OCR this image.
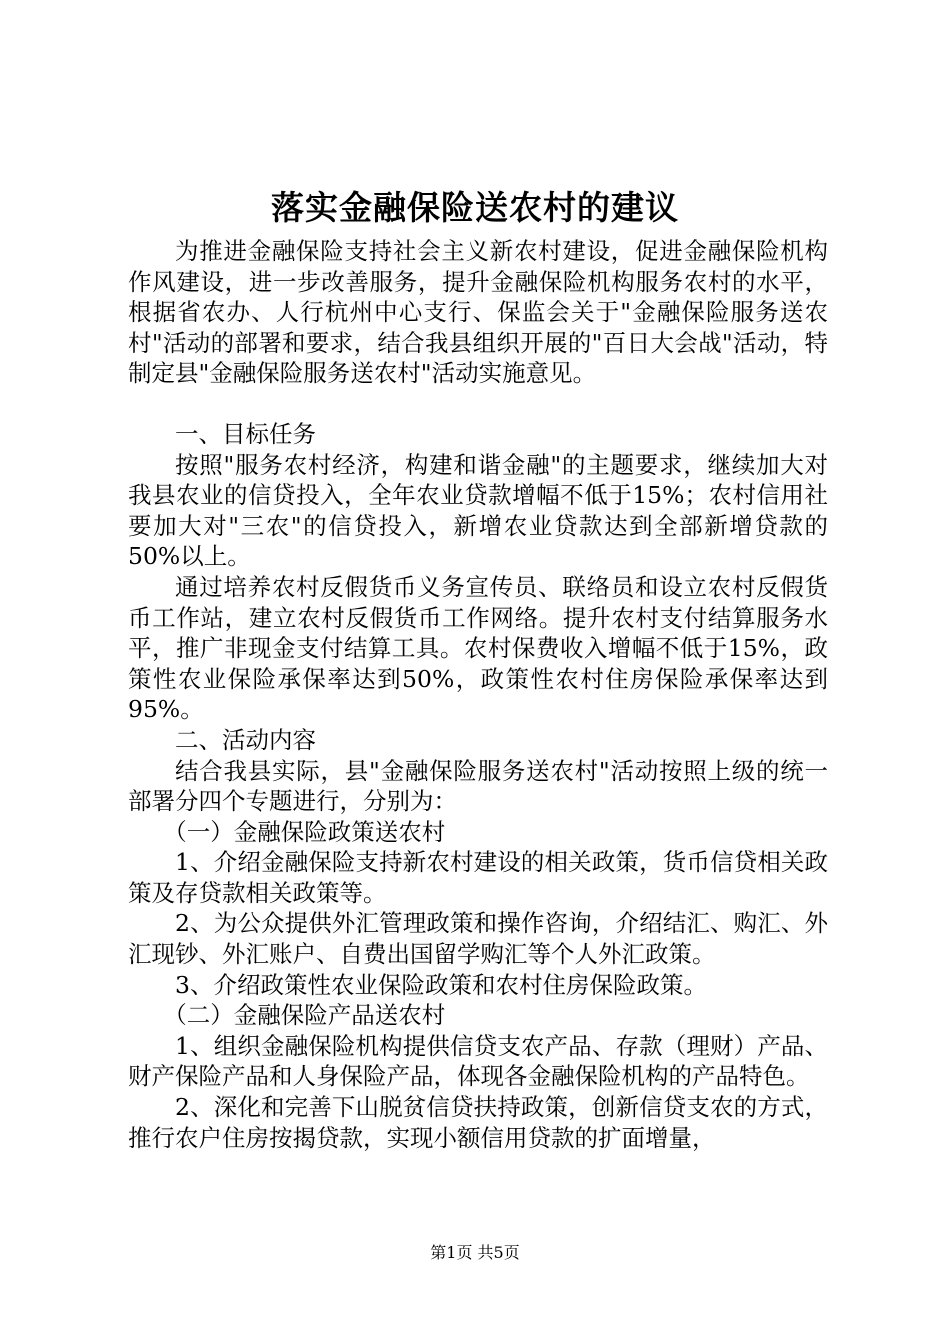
落实金融保险送农村的建议

为推进金融保险支持社会主义新农村建设，促进金融保险机构作风建设，进一步改善服务，提升金融保险机构服务农村的水平，根据省农办、人行杭州中心支行、保监会关于"金融保险服务送农村"活动的部署和要求，结合我县组织开展的"百日大会战"活动，特制定县"金融保险服务送农村"活动实施意见。

一、目标任务

按照"服务农村经济，构建和谐金融"的主题要求，继续加大对我县农业的信贷投入，全年农业贷款增幅不低于15%；农村信用社要加大对"三农"的信贷投入，新增农业贷款达到全部新增贷款的50%以上。

通过培养农村反假货币义务宣传员、联络员和设立农村反假货币工作站，建立农村反假货币工作网络。提升农村支付结算服务水平，推广非现金支付结算工具。农村保费收入增幅不低于15%，政策性农业保险承保率达到50%，政策性农村住房保险承保率达到95%。

二、活动内容

结合我县实际，县"金融保险服务送农村"活动按照上级的统一部署分四个专题进行，分别为：

（一）金融保险政策送农村

1、介绍金融保险支持新农村建设的相关政策，货币信贷相关政策及存贷款相关政策等。

2、为公众提供外汇管理政策和操作咨询，介绍结汇、购汇、外汇现钞、外汇账户、自费出国留学购汇等个人外汇政策。

3、介绍政策性农业保险政策和农村住房保险政策。

（二）金融保险产品送农村

1、组织金融保险机构提供信贷支农产品、存款（理财）产品、财产保险产品和人身保险产品，体现各金融保险机构的产品特色。

2、深化和完善下山脱贫信贷扶持政策，创新信贷支农的方式，推行农户住房按揭贷款，实现小额信用贷款的扩面增量，

第1页 共5页
